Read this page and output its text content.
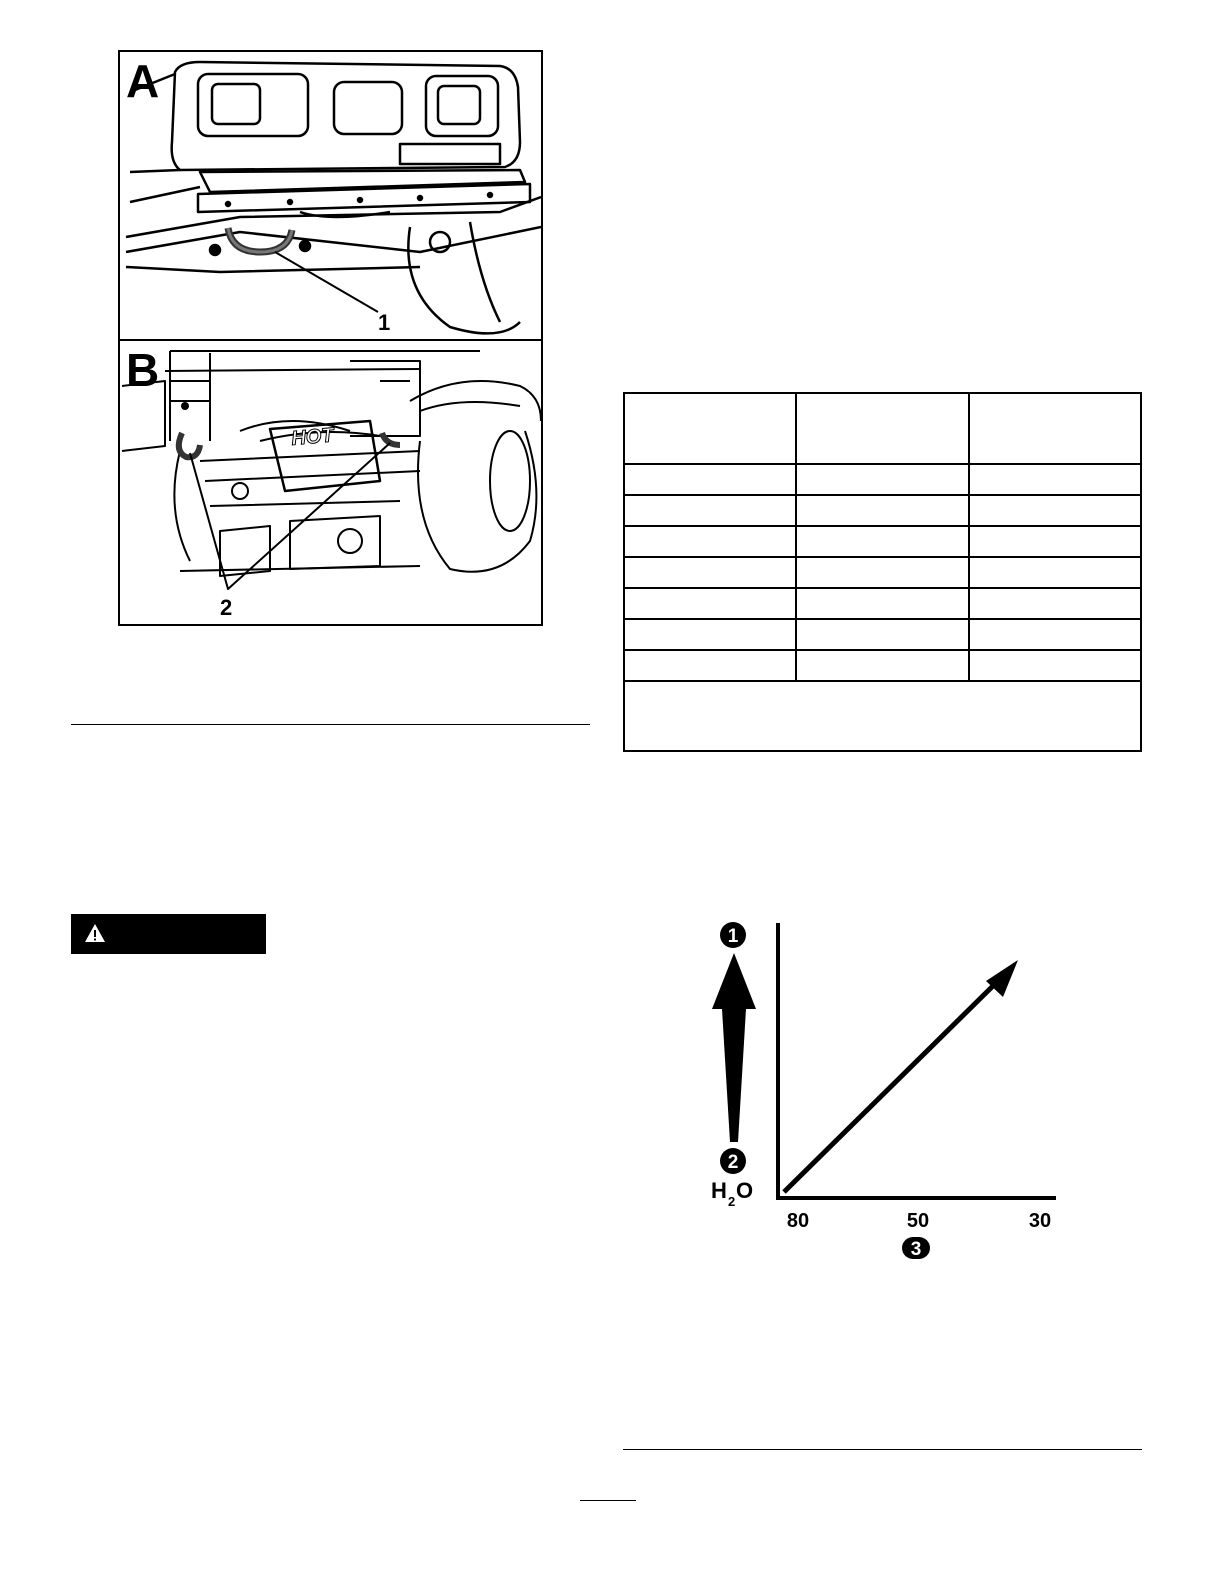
A
1
HOT
B
2

1
2
H 2 O
80	50	30
3
